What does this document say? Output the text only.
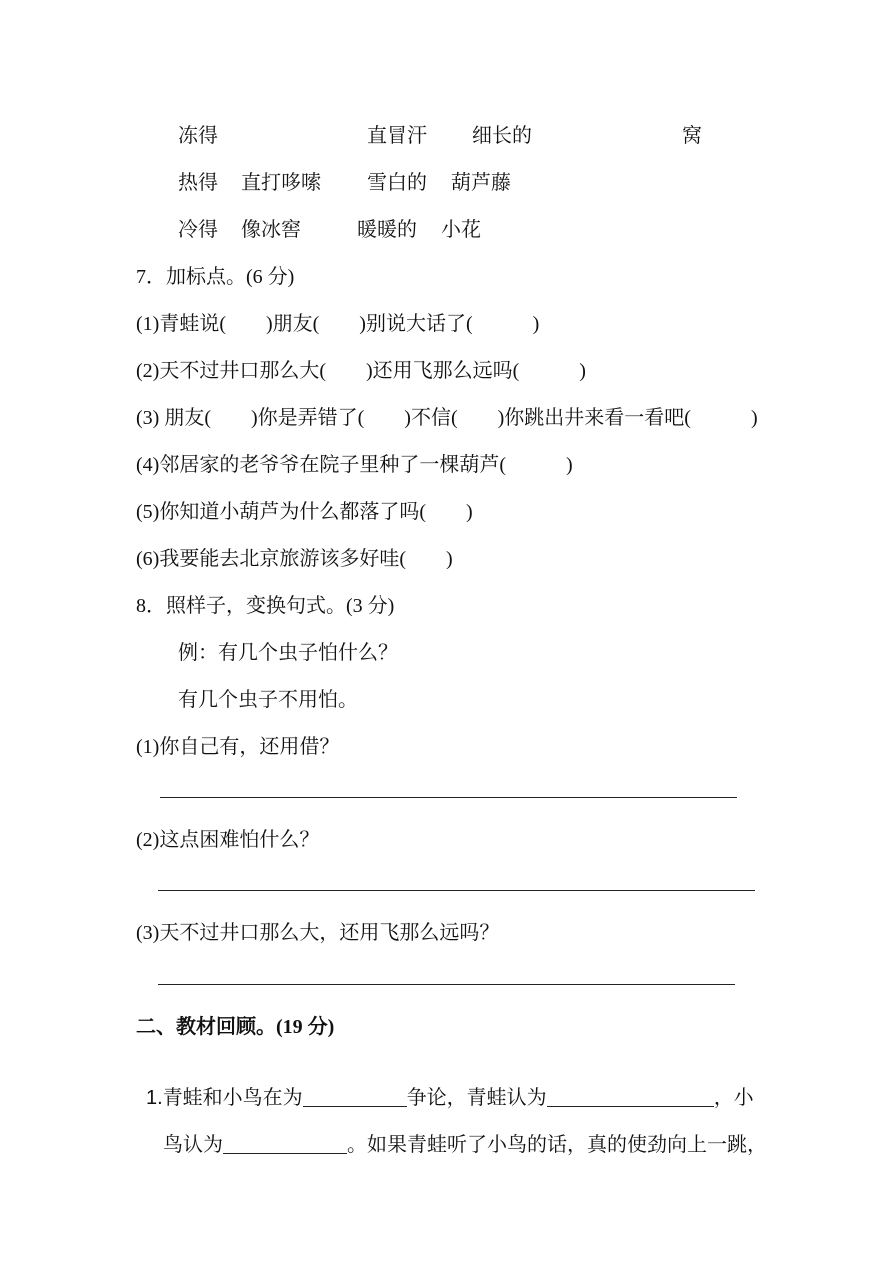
冻得	直冒汗 细长的	窝
热得 直打哆嗦 雪白的 葫芦藤
冷得 像冰窖	暖暖的 小花
7．加标点。(6 分)
(1)青蛙说(　　)朋友(　　)别说大话了(　　　)
(2)天不过井口那么大(　　)还用飞那么远吗(　　　)
(3) 朋友(　　)你是弄错了(　　)不信(　　)你跳出井来看一看吧(　　　)
(4)邻居家的老爷爷在院子里种了一棵葫芦(　　　)
(5)你知道小葫芦为什么都落了吗(　　)
(6)我要能去北京旅游该多好哇(　　)
8．照样子，变换句式。(3 分)
例：有几个虫子怕什么？
有几个虫子不用怕。
(1)你自己有，还用借？
(2)这点困难怕什么？
(3)天不过井口那么大，还用飞那么远吗？
二、教材回顾。(19 分)

1.青蛙和小鸟在为	争论，青蛙认为	，小

鸟认为	。如果青蛙听了小鸟的话，真的使劲向上一跳，
